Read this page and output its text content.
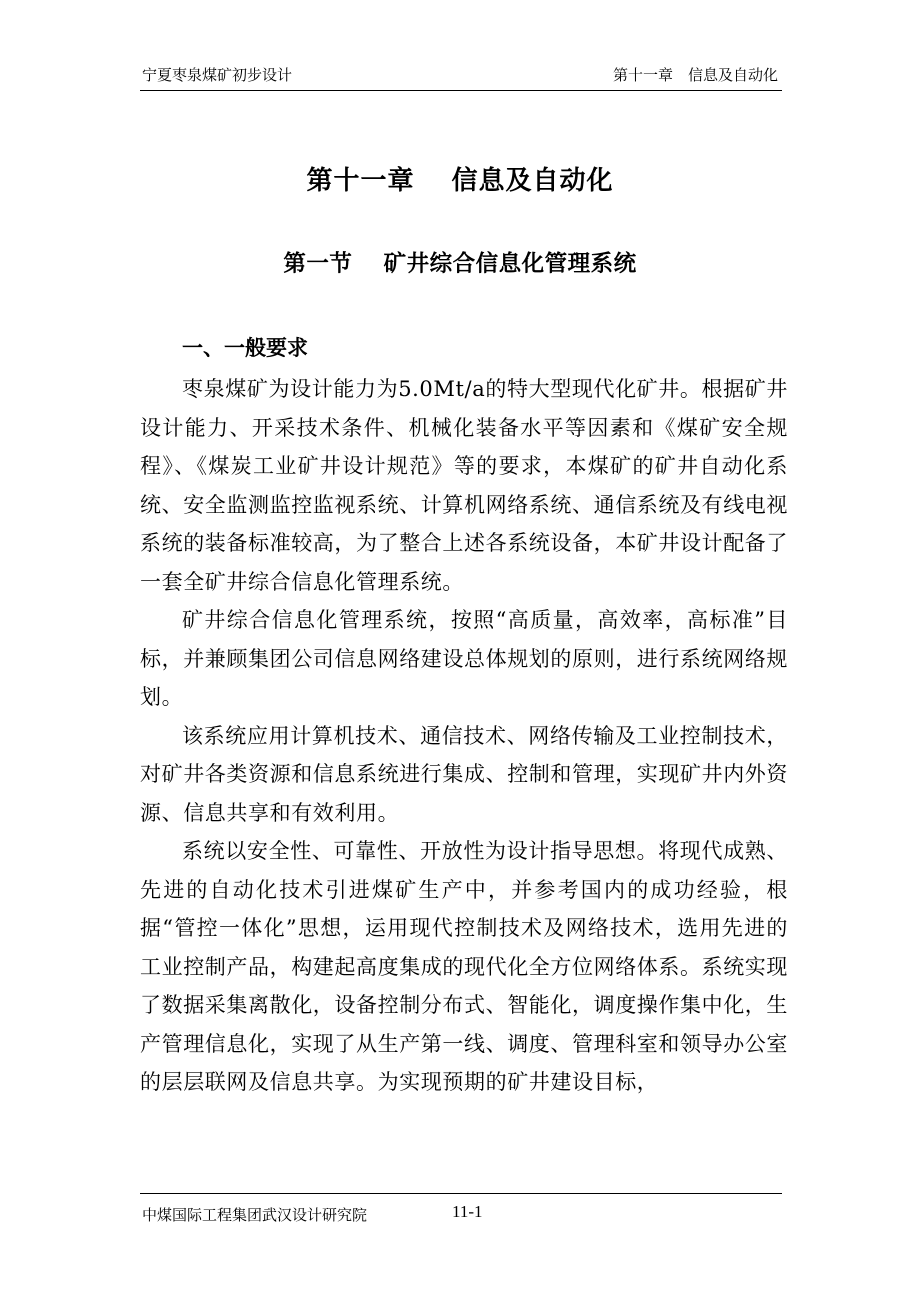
宁夏枣泉煤矿初步设计	第十一章　信息及自动化
第十一章　 信息及自动化
第一节　 矿井综合信息化管理系统
一、一般要求

枣泉煤矿为设计能力为5.0Mt/a的特大型现代化矿井。根据矿井设计能力、开采技术条件、机械化装备水平等因素和《煤矿安全规程》、《煤炭工业矿井设计规范》等的要求，本煤矿的矿井自动化系统、安全监测监控监视系统、计算机网络系统、通信系统及有线电视系统的装备标准较高，为了整合上述各系统设备，本矿井设计配备了一套全矿井综合信息化管理系统。

矿井综合信息化管理系统，按照“高质量，高效率，高标准”目标，并兼顾集团公司信息网络建设总体规划的原则，进行系统网络规划。

该系统应用计算机技术、通信技术、网络传输及工业控制技术，对矿井各类资源和信息系统进行集成、控制和管理，实现矿井内外资源、信息共享和有效利用。

系统以安全性、可靠性、开放性为设计指导思想。将现代成熟、先进的自动化技术引进煤矿生产中，并参考国内的成功经验，根据“管控一体化”思想，运用现代控制技术及网络技术，选用先进的工业控制产品，构建起高度集成的现代化全方位网络体系。系统实现了数据采集离散化，设备控制分布式、智能化，调度操作集中化，生产管理信息化，实现了从生产第一线、调度、管理科室和领导办公室的层层联网及信息共享。为实现预期的矿井建设目标，

中煤国际工程集团武汉设计研究院	11-1
